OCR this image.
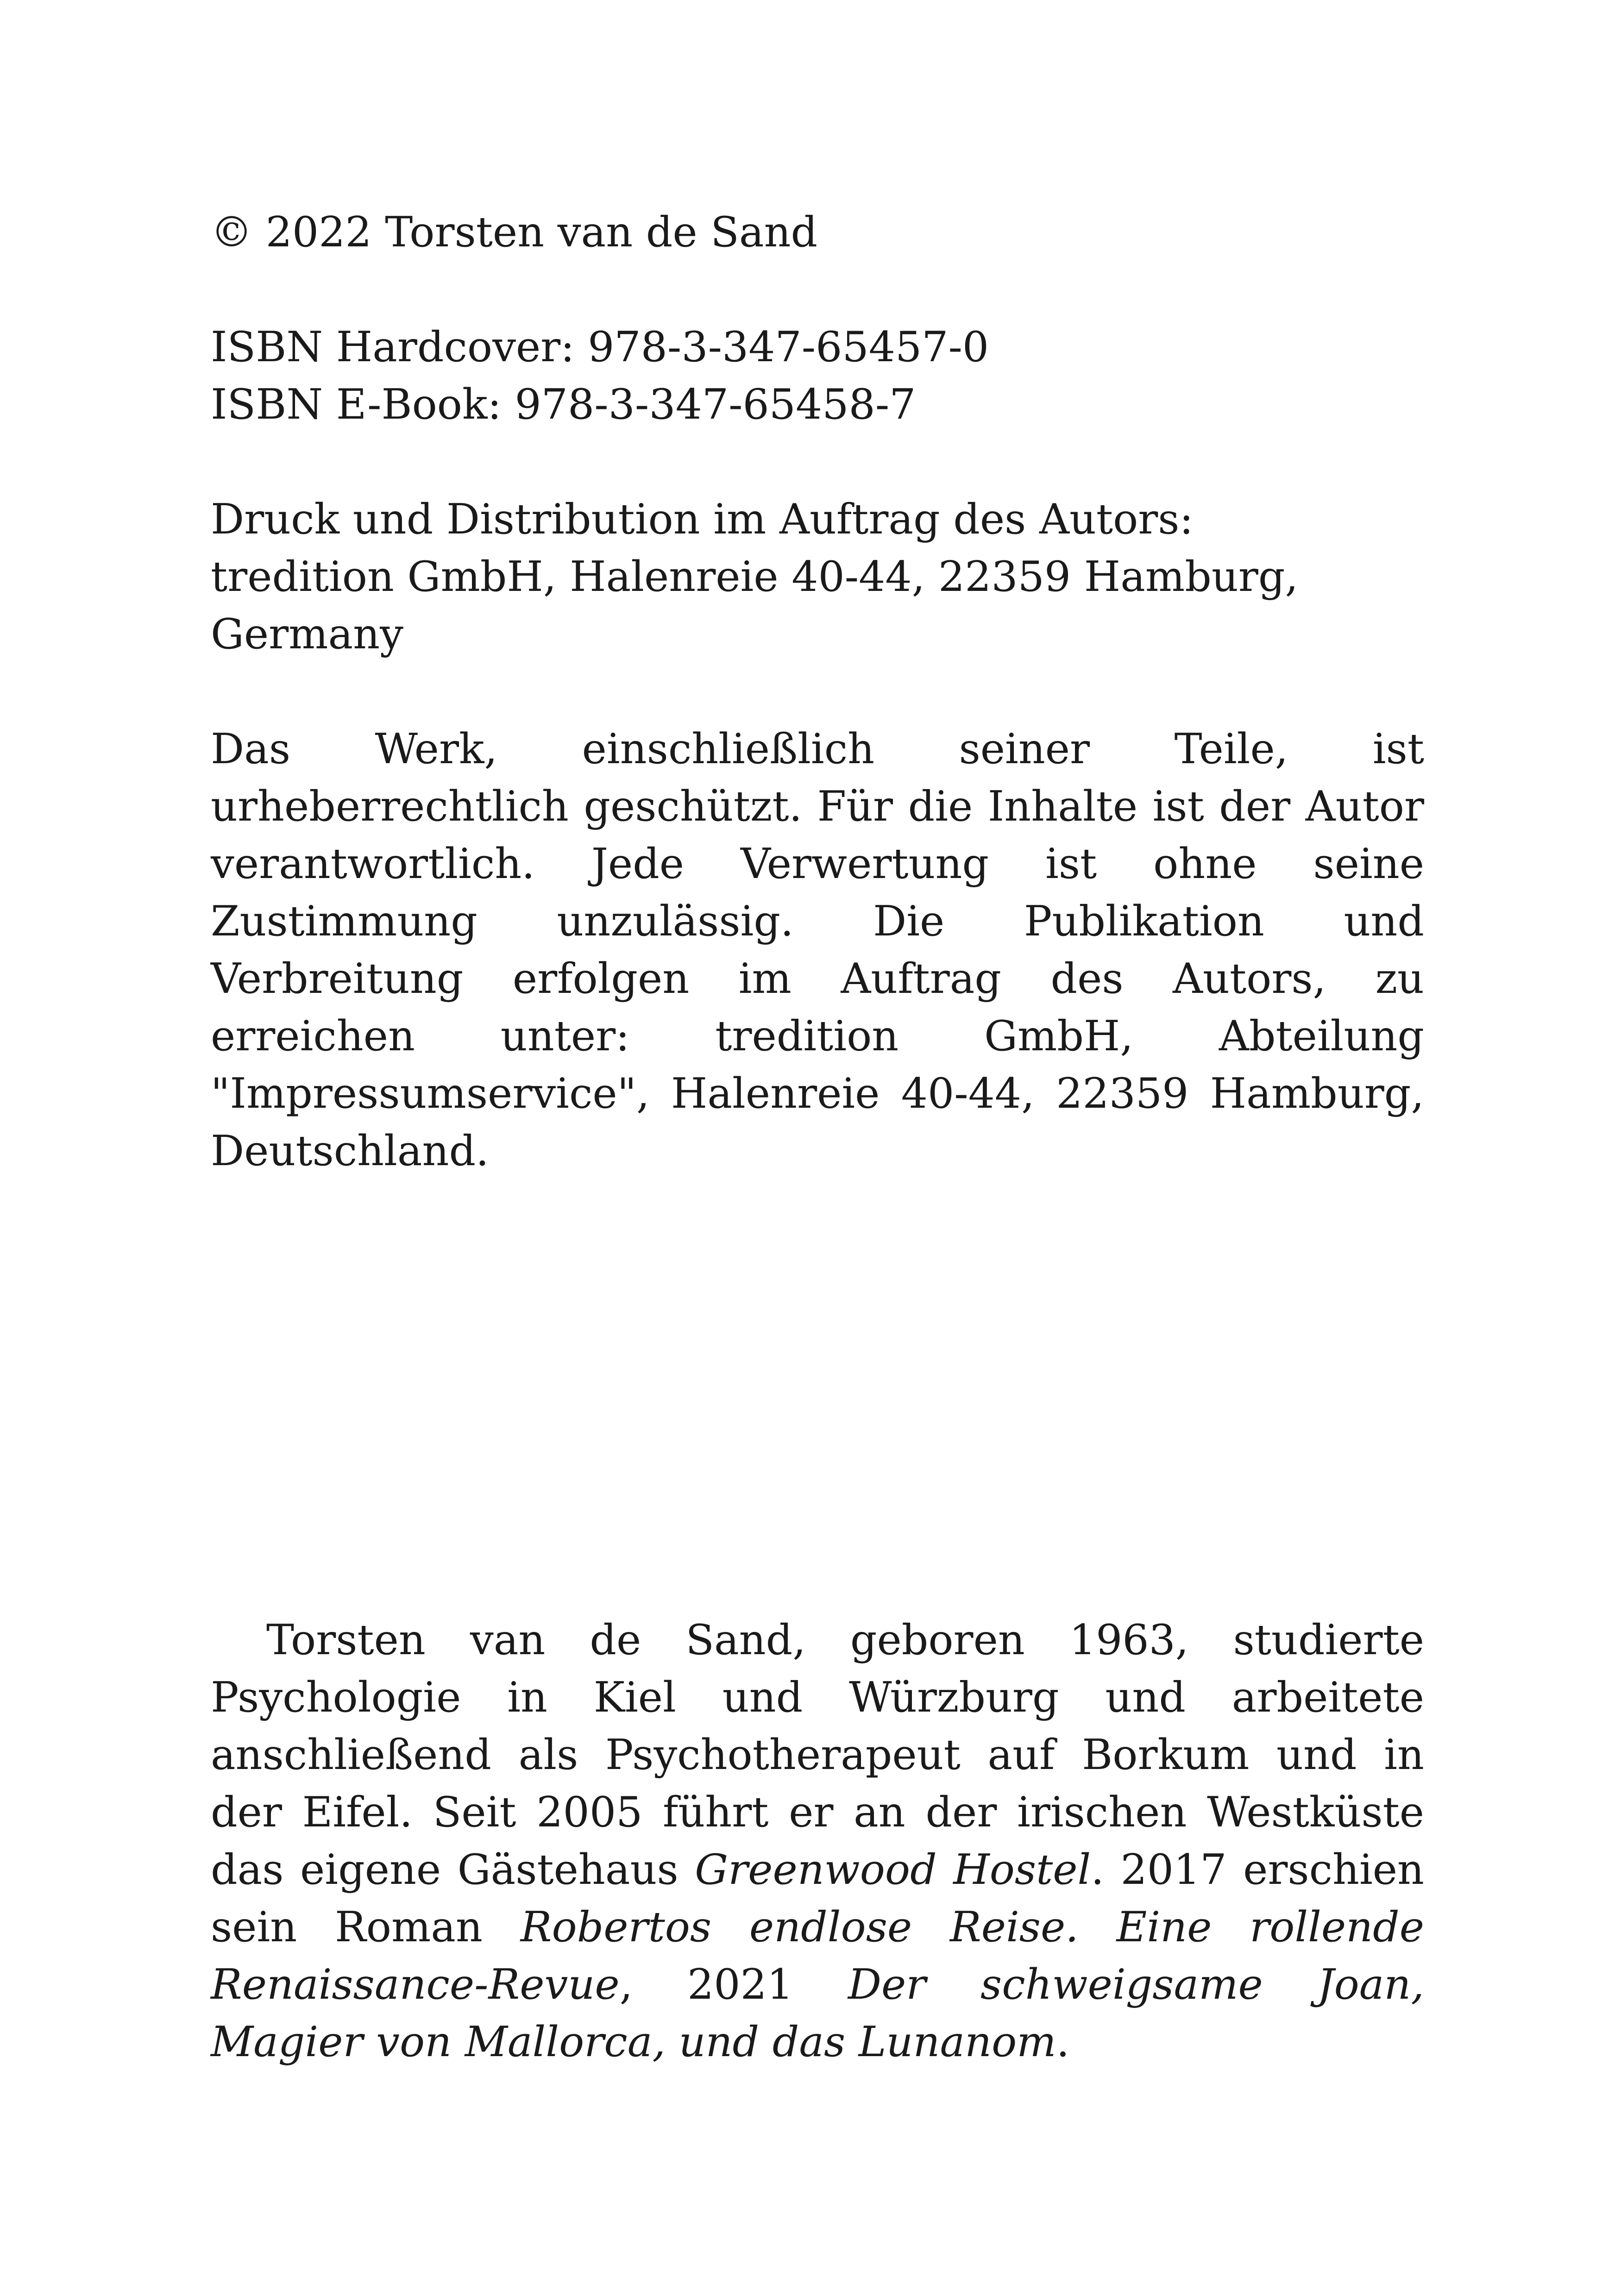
© 2022 Torsten van de Sand

ISBN Hardcover: 978-3-347-65457-0

ISBN E-Book: 978-3-347-65458-7

Druck und Distribution im Auftrag des Autors:

tredition GmbH, Halenreie 40-44, 22359 Hamburg, Germany

Das Werk, einschließlich seiner Teile, ist urheberrechtlich geschützt. Für die Inhalte ist der Autor verantwortlich. Jede Verwertung ist ohne seine Zustimmung unzulässig. Die Publikation und Verbreitung erfolgen im Auftrag des Autors, zu erreichen unter: tredition GmbH, Abteilung "Impressumservice", Halenreie 40-44, 22359 Hamburg, Deutschland.

Torsten van de Sand, geboren 1963, studierte Psychologie in Kiel und Würzburg und arbeitete anschließend als Psychotherapeut auf Borkum und in der Eifel. Seit 2005 führt er an der irischen Westküste das eigene Gästehaus Greenwood Hostel. 2017 erschien sein Roman Robertos endlose Reise. Eine rollende Renaissance-Revue, 2021 Der schweigsame Joan, Magier von Mallorca, und das Lunanom.
